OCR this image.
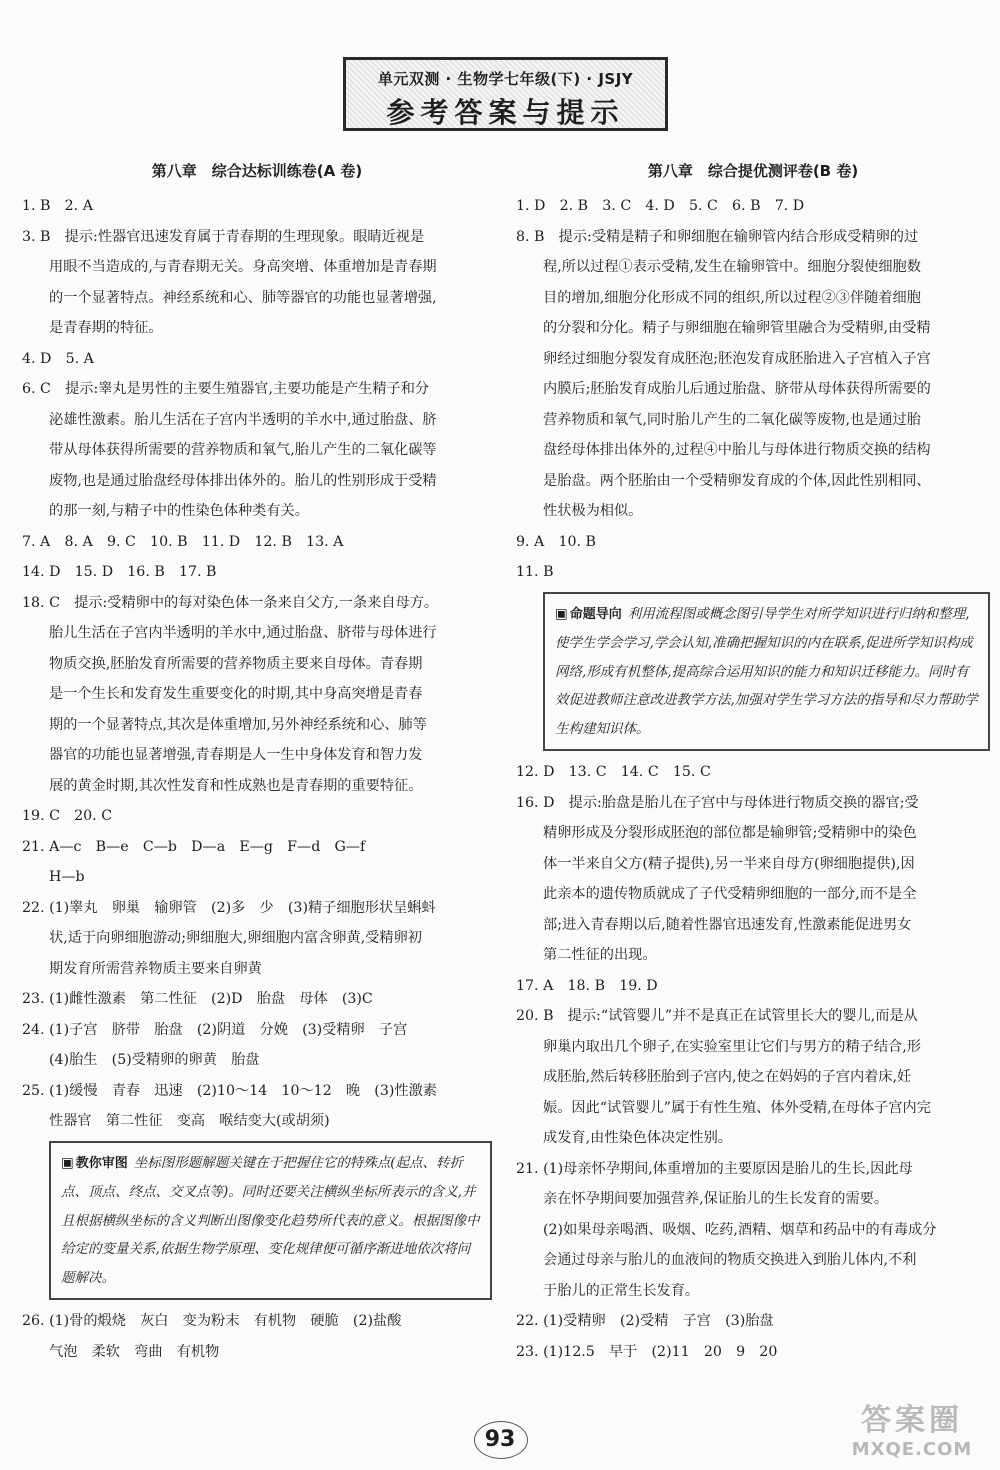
单元双测 · 生物学七年级(下) · JSJY
参考答案与提示
第八章　综合达标训练卷(A 卷)

1. B　2. A

3. B　提示:性器官迅速发育属于青春期的生理现象。眼睛近视是

用眼不当造成的,与青春期无关。身高突增、体重增加是青春期

的一个显著特点。神经系统和心、肺等器官的功能也显著增强,

是青春期的特征。

4. D　5. A

6. C　提示:睾丸是男性的主要生殖器官,主要功能是产生精子和分

泌雄性激素。胎儿生活在子宫内半透明的羊水中,通过胎盘、脐

带从母体获得所需要的营养物质和氧气,胎儿产生的二氧化碳等

废物,也是通过胎盘经母体排出体外的。胎儿的性别形成于受精

的那一刻,与精子中的性染色体种类有关。

7. A　8. A　9. C　10. B　11. D　12. B　13. A

14. D　15. D　16. B　17. B

18. C　提示:受精卵中的每对染色体一条来自父方,一条来自母方。

胎儿生活在子宫内半透明的羊水中,通过胎盘、脐带与母体进行

物质交换,胚胎发育所需要的营养物质主要来自母体。青春期

是一个生长和发育发生重要变化的时期,其中身高突增是青春

期的一个显著特点,其次是体重增加,另外神经系统和心、肺等

器官的功能也显著增强,青春期是人一生中身体发育和智力发

展的黄金时期,其次性发育和性成熟也是青春期的重要特征。

19. C　20. C

21. A—c　B—e　C—b　D—a　E—g　F—d　G—f

H—b

22. (1)睾丸　卵巢　输卵管　(2)多　少　(3)精子细胞形状呈蝌蚪

状,适于向卵细胞游动;卵细胞大,卵细胞内富含卵黄,受精卵初

期发育所需营养物质主要来自卵黄

23. (1)雌性激素　第二性征　(2)D　胎盘　母体　(3)C

24. (1)子宫　脐带　胎盘　(2)阴道　分娩　(3)受精卵　子宫

(4)胎生　(5)受精卵的卵黄　胎盘

25. (1)缓慢　青春　迅速　(2)10～14　10～12　晚　(3)性激素

性器官　第二性征　变高　喉结变大(或胡须)

▣ 教你审图 坐标图形题解题关键在于把握住它的特殊点(起点、转折点、顶点、终点、交叉点等)。同时还要关注横纵坐标所表示的含义,并且根据横纵坐标的含义判断出图像变化趋势所代表的意义。根据图像中给定的变量关系,依据生物学原理、变化规律便可循序渐进地依次将问题解决。

26. (1)骨的煅烧　灰白　变为粉末　有机物　硬脆　(2)盐酸

气泡　柔软　弯曲　有机物

第八章　综合提优测评卷(B 卷)

1. D　2. B　3. C　4. D　5. C　6. B　7. D

8. B　提示:受精是精子和卵细胞在输卵管内结合形成受精卵的过

程,所以过程①表示受精,发生在输卵管中。细胞分裂使细胞数

目的增加,细胞分化形成不同的组织,所以过程②③伴随着细胞

的分裂和分化。精子与卵细胞在输卵管里融合为受精卵,由受精

卵经过细胞分裂发育成胚泡;胚泡发育成胚胎进入子宫植入子宫

内膜后;胚胎发育成胎儿后通过胎盘、脐带从母体获得所需要的

营养物质和氧气,同时胎儿产生的二氧化碳等废物,也是通过胎

盘经母体排出体外的,过程④中胎儿与母体进行物质交换的结构

是胎盘。两个胚胎由一个受精卵发育成的个体,因此性别相同、

性状极为相似。

9. A　10. B

11. B

▣ 命题导向 利用流程图或概念图引导学生对所学知识进行归纳和整理,使学生学会学习,学会认知,准确把握知识的内在联系,促进所学知识构成网络,形成有机整体,提高综合运用知识的能力和知识迁移能力。同时有效促进教师注意改进教学方法,加强对学生学习方法的指导和尽力帮助学生构建知识体。

12. D　13. C　14. C　15. C

16. D　提示:胎盘是胎儿在子宫中与母体进行物质交换的器官;受

精卵形成及分裂形成胚泡的部位都是输卵管;受精卵中的染色

体一半来自父方(精子提供),另一半来自母方(卵细胞提供),因

此亲本的遗传物质就成了子代受精卵细胞的一部分,而不是全

部;进入青春期以后,随着性器官迅速发育,性激素能促进男女

第二性征的出现。

17. A　18. B　19. D

20. B　提示:“试管婴儿”并不是真正在试管里长大的婴儿,而是从

卵巢内取出几个卵子,在实验室里让它们与男方的精子结合,形

成胚胎,然后转移胚胎到子宫内,使之在妈妈的子宫内着床,妊

娠。因此“试管婴儿”属于有性生殖、体外受精,在母体子宫内完

成发育,由性染色体决定性别。

21. (1)母亲怀孕期间,体重增加的主要原因是胎儿的生长,因此母

亲在怀孕期间要加强营养,保证胎儿的生长发育的需要。

(2)如果母亲喝酒、吸烟、吃药,酒精、烟草和药品中的有毒成分

会通过母亲与胎儿的血液间的物质交换进入到胎儿体内,不利

于胎儿的正常生长发育。

22. (1)受精卵　(2)受精　子宫　(3)胎盘

23. (1)12.5　早于　(2)11　20　9　20

93
答案圈
MXQE.COM
